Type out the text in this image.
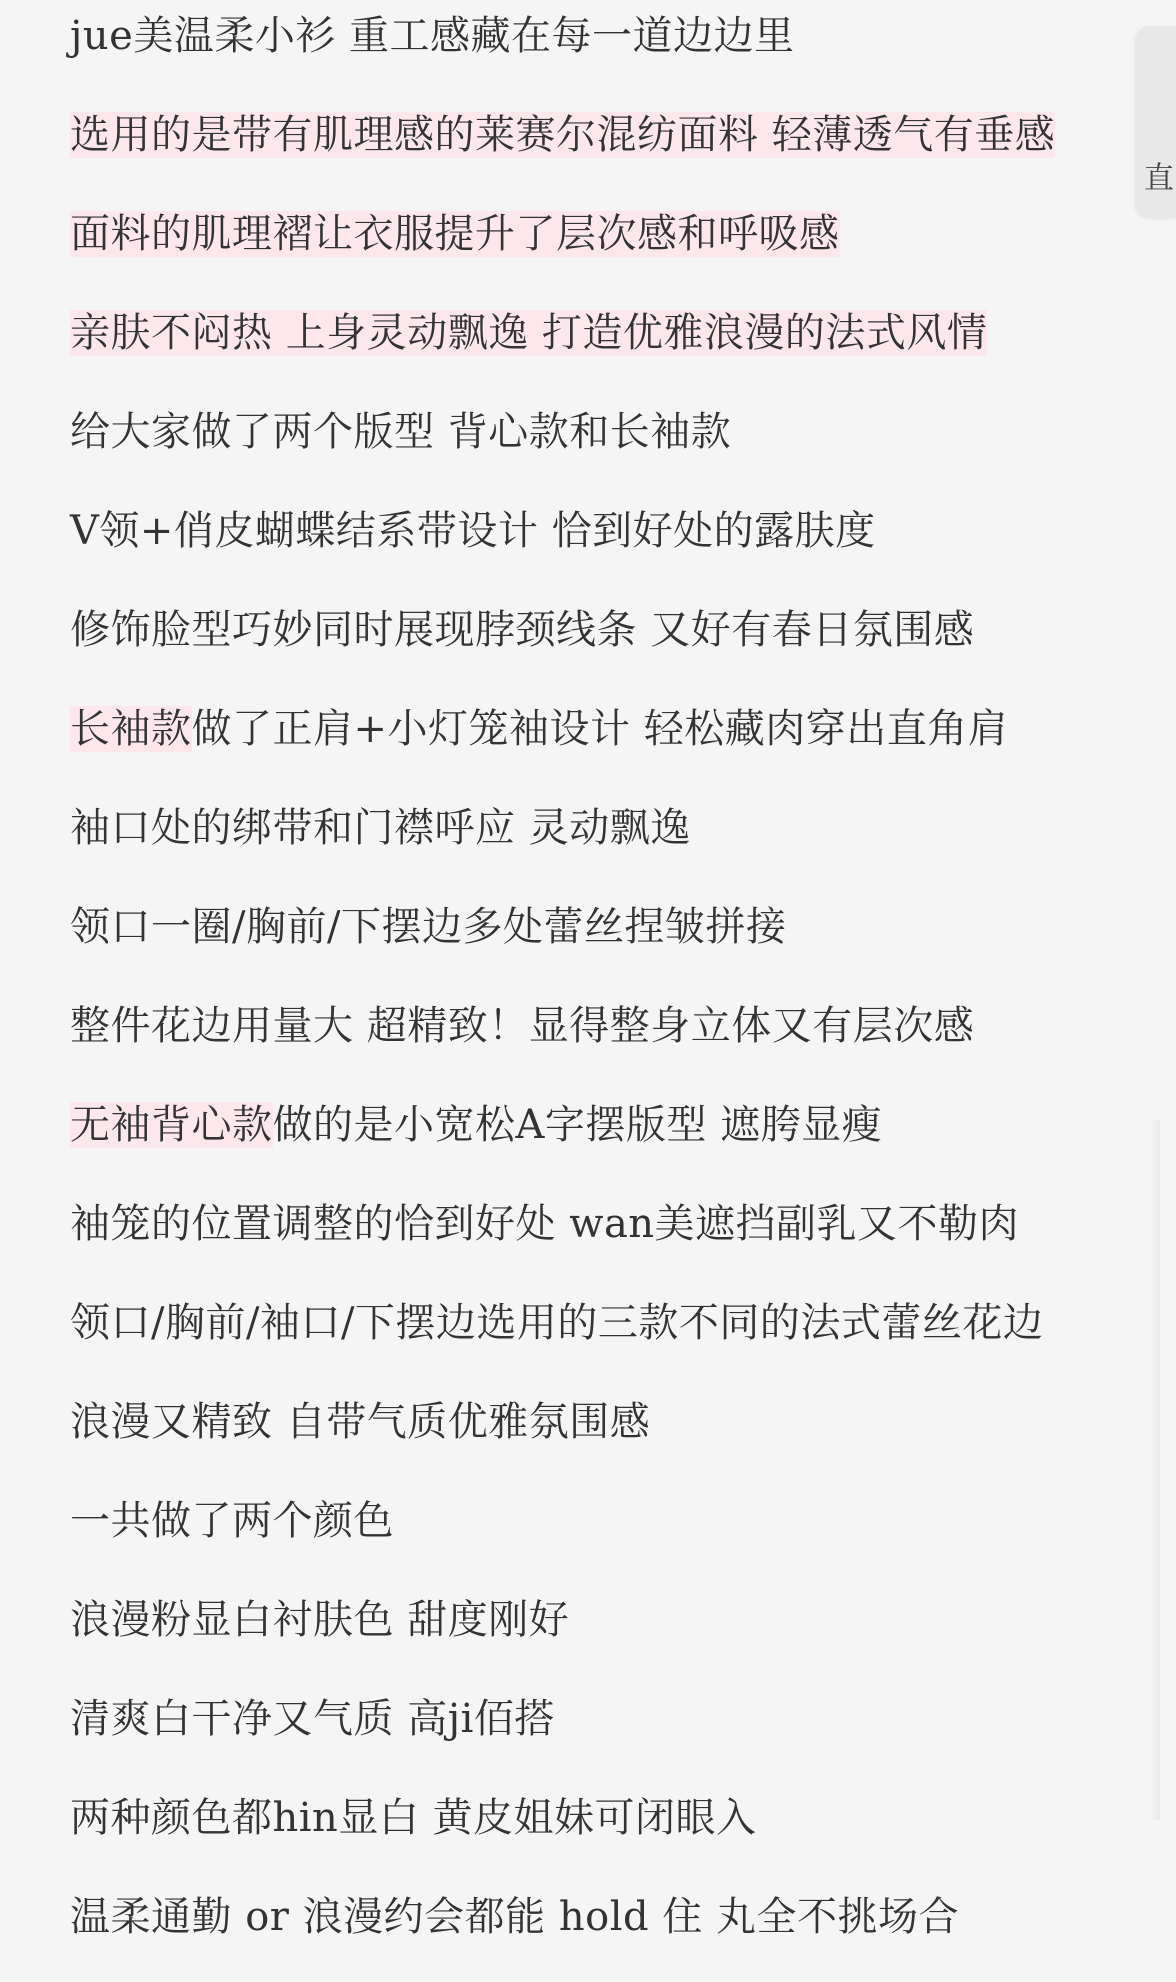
jue美温柔小衫 重工感藏在每一道边边里
选用的是带有肌理感的莱赛尔混纺面料 轻薄透气有垂感
面料的肌理褶让衣服提升了层次感和呼吸感
亲肤不闷热 上身灵动飘逸 打造优雅浪漫的法式风情
给大家做了两个版型 背心款和长袖款
V领+俏皮蝴蝶结系带设计 恰到好处的露肤度
修饰脸型巧妙同时展现脖颈线条 又好有春日氛围感
长袖款做了正肩+小灯笼袖设计 轻松藏肉穿出直角肩
袖口处的绑带和门襟呼应 灵动飘逸
领口一圈/胸前/下摆边多处蕾丝捏皱拼接
整件花边用量大 超精致！显得整身立体又有层次感
无袖背心款做的是小宽松A字摆版型 遮胯显瘦
袖笼的位置调整的恰到好处 wan美遮挡副乳又不勒肉
领口/胸前/袖口/下摆边选用的三款不同的法式蕾丝花边
浪漫又精致 自带气质优雅氛围感
一共做了两个颜色
浪漫粉显白衬肤色 甜度刚好
清爽白干净又气质 高ji佰搭
两种颜色都hin显白 黄皮姐妹可闭眼入
温柔通勤 or 浪漫约会都能 hold 住 丸全不挑场合
直
